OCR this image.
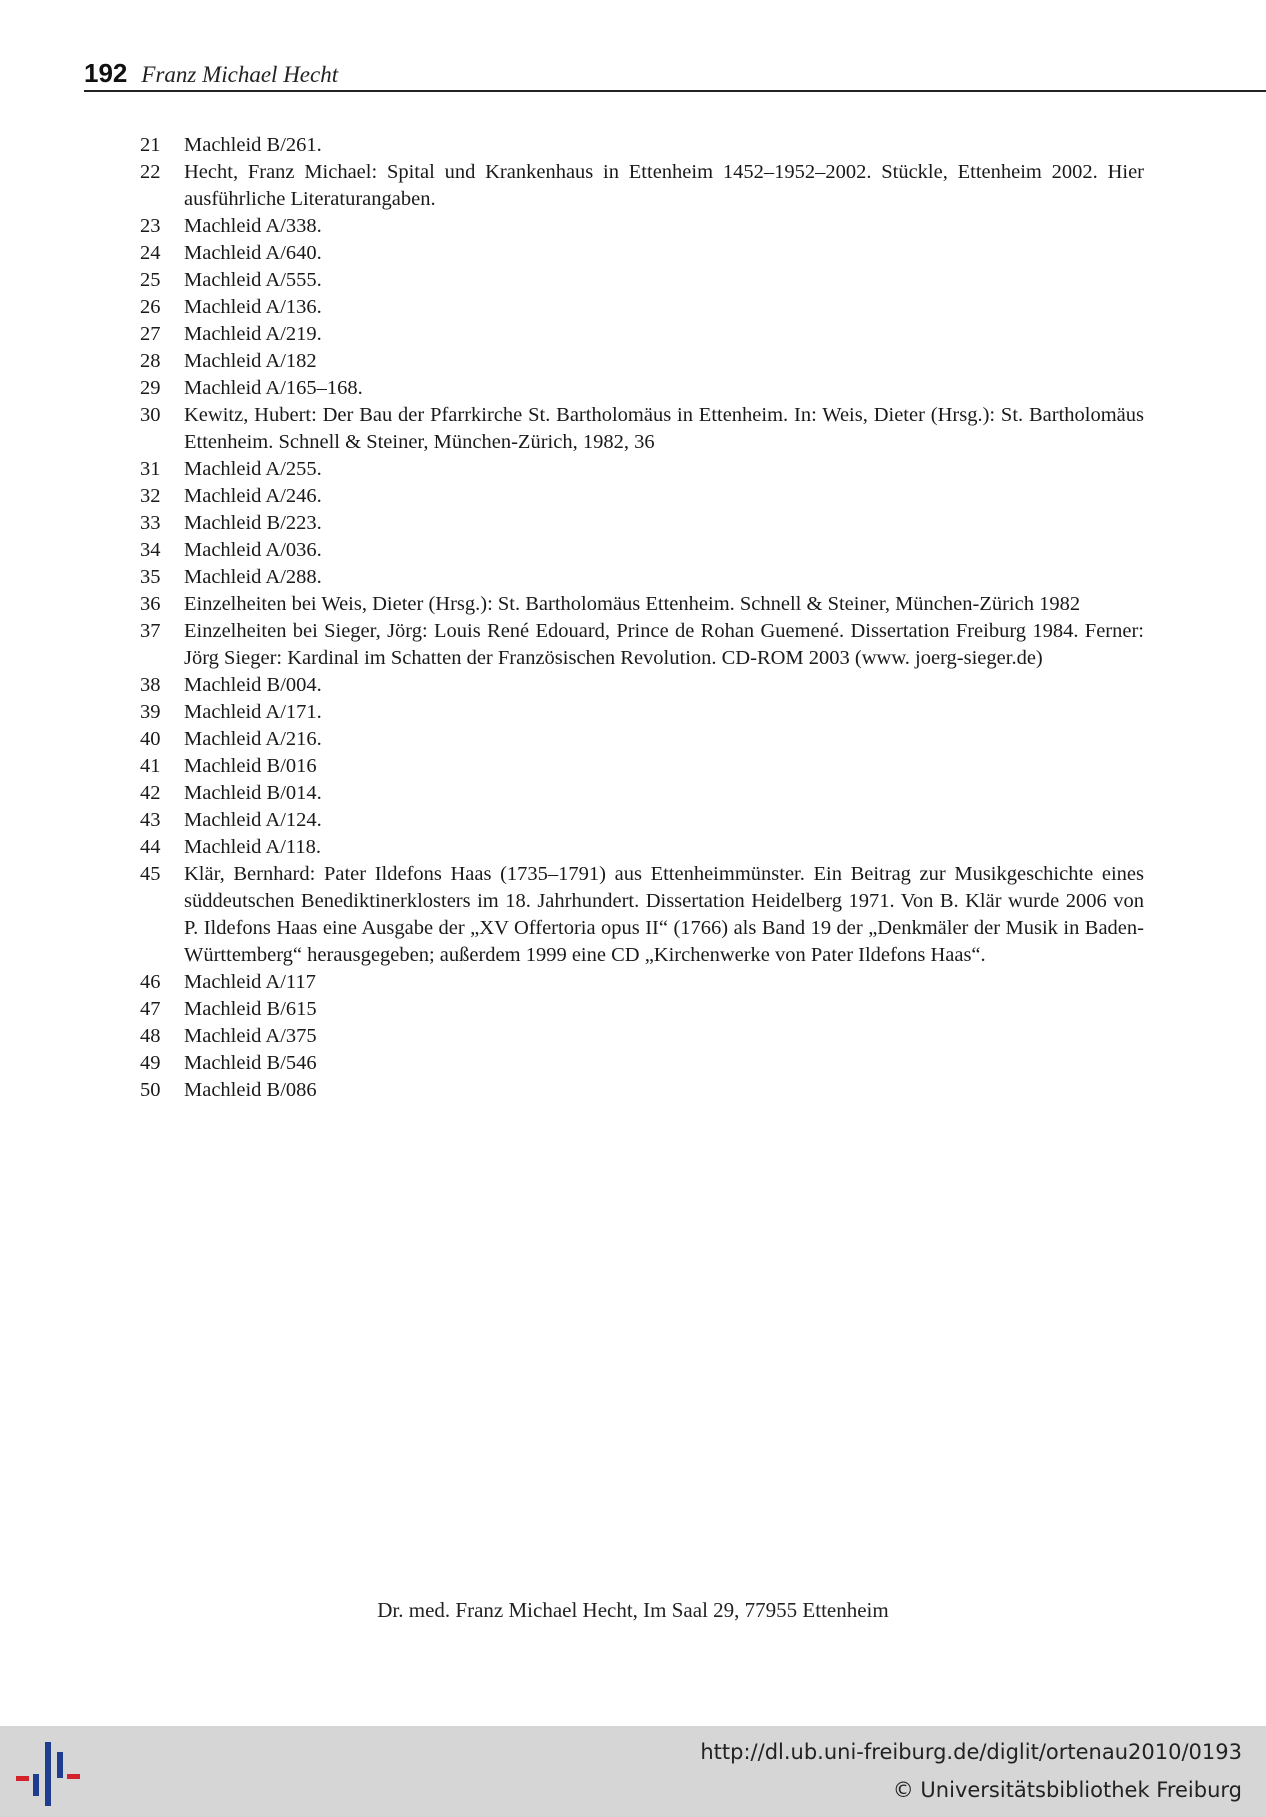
192 Franz Michael Hecht
21	Machleid B/261.
22	Hecht, Franz Michael: Spital und Krankenhaus in Ettenheim 1452–1952–2002. Stückle, Ettenheim 2002. Hier ausführliche Literaturangaben.
23	Machleid A/338.
24	Machleid A/640.
25	Machleid A/555.
26	Machleid A/136.
27	Machleid A/219.
28	Machleid A/182
29	Machleid A/165–168.
30	Kewitz, Hubert: Der Bau der Pfarrkirche St. Bartholomäus in Ettenheim. In: Weis, Dieter (Hrsg.): St. Bartholomäus Ettenheim. Schnell & Steiner, München-Zürich, 1982, 36
31	Machleid A/255.
32	Machleid A/246.
33	Machleid B/223.
34	Machleid A/036.
35	Machleid A/288.
36	Einzelheiten bei Weis, Dieter (Hrsg.): St. Bartholomäus Ettenheim. Schnell & Steiner, München-Zürich 1982
37	Einzelheiten bei Sieger, Jörg: Louis René Edouard, Prince de Rohan Guemené. Dissertation Freiburg 1984. Ferner: Jörg Sieger: Kardinal im Schatten der Französischen Revolution. CD-ROM 2003 (www. joerg-sieger.de)
38	Machleid B/004.
39	Machleid A/171.
40	Machleid A/216.
41	Machleid B/016
42	Machleid B/014.
43	Machleid A/124.
44	Machleid A/118.
45	Klär, Bernhard: Pater Ildefons Haas (1735–1791) aus Ettenheimmünster. Ein Beitrag zur Musikgeschichte eines süddeutschen Benediktinerklosters im 18. Jahrhundert. Dissertation Heidelberg 1971. Von B. Klär wurde 2006 von P. Ildefons Haas eine Ausgabe der „XV Offertoria opus II“ (1766) als Band 19 der „Denkmäler der Musik in Baden-Württemberg“ herausgegeben; außerdem 1999 eine CD „Kirchenwerke von Pater Ildefons Haas“.
46	Machleid A/117
47	Machleid B/615
48	Machleid A/375
49	Machleid B/546
50	Machleid B/086
Dr. med. Franz Michael Hecht, Im Saal 29, 77955 Ettenheim
http://dl.ub.uni-freiburg.de/diglit/ortenau2010/0193
© Universitätsbibliothek Freiburg
